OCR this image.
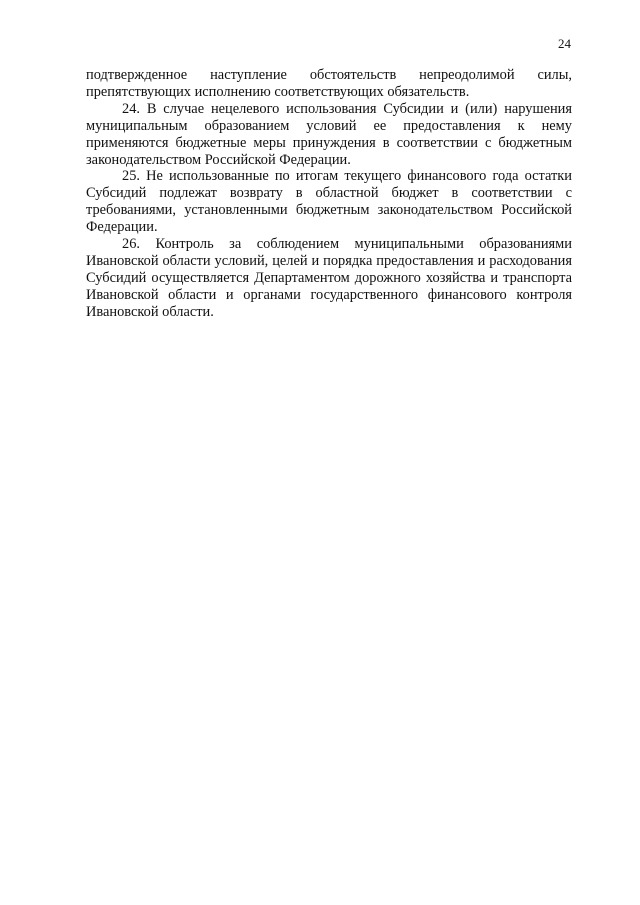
24

подтвержденное наступление обстоятельств непреодолимой силы, препятствующих исполнению соответствующих обязательств.

24. В случае нецелевого использования Субсидии и (или) нарушения муниципальным образованием условий ее предоставления к нему применяются бюджетные меры принуждения в соответствии с бюджетным законодательством Российской Федерации.

25. Не использованные по итогам текущего финансового года остатки Субсидий подлежат возврату в областной бюджет в соответствии с требованиями, установленными бюджетным законодательством Российской Федерации.

26. Контроль за соблюдением муниципальными образованиями Ивановской области условий, целей и порядка предоставления и расходования Субсидий осуществляется Департаментом дорожного хозяйства и транспорта Ивановской области и органами государственного финансового контроля Ивановской области.
